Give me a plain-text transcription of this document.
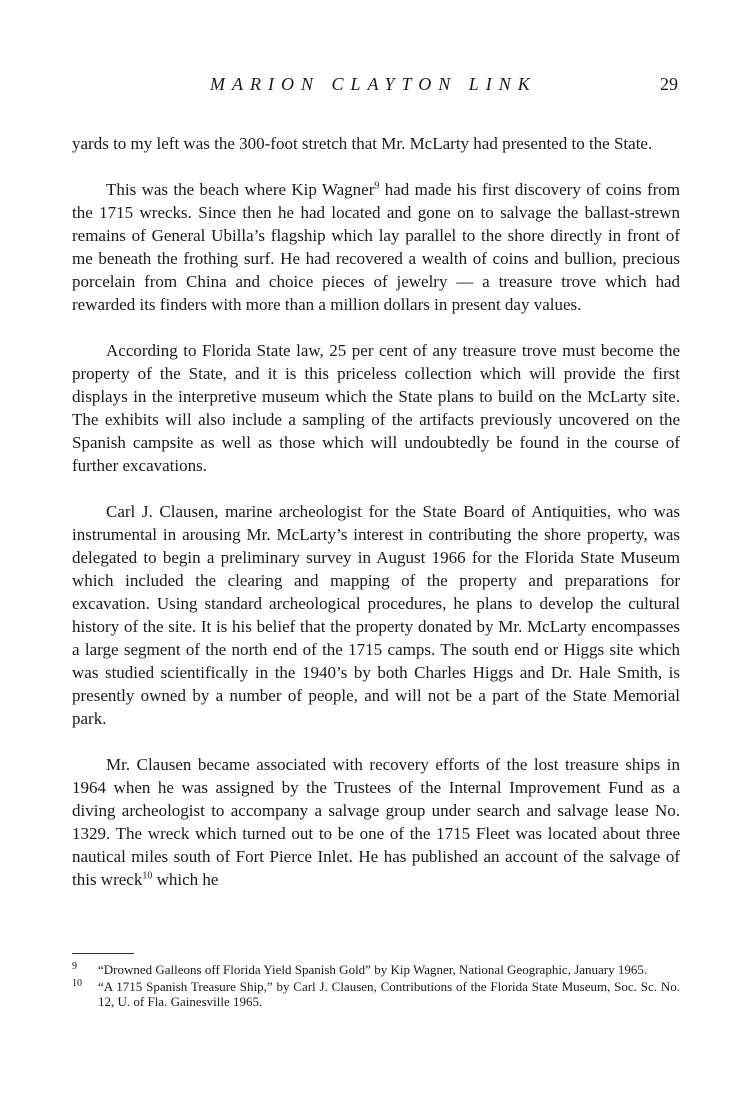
MARION CLAYTON LINK	29

yards to my left was the 300-foot stretch that Mr. McLarty had presented to the State.

This was the beach where Kip Wagner$^9$ had made his first discovery of coins from the 1715 wrecks. Since then he had located and gone on to salvage the ballast-strewn remains of General Ubilla’s flagship which lay parallel to the shore directly in front of me beneath the frothing surf. He had recovered a wealth of coins and bullion, precious porcelain from China and choice pieces of jewelry — a treasure trove which had rewarded its finders with more than a million dollars in present day values.

According to Florida State law, 25 per cent of any treasure trove must become the property of the State, and it is this priceless collection which will provide the first displays in the interpretive museum which the State plans to build on the McLarty site. The exhibits will also include a sampling of the artifacts previously uncovered on the Spanish campsite as well as those which will undoubtedly be found in the course of further excavations.

Carl J. Clausen, marine archeologist for the State Board of Antiquities, who was instrumental in arousing Mr. McLarty’s interest in contributing the shore property, was delegated to begin a preliminary survey in August 1966 for the Florida State Museum which included the clearing and mapping of the property and preparations for excavation. Using standard archeological procedures, he plans to develop the cultural history of the site. It is his belief that the property donated by Mr. McLarty encompasses a large segment of the north end of the 1715 camps. The south end or Higgs site which was studied scientifically in the 1940’s by both Charles Higgs and Dr. Hale Smith, is presently owned by a number of people, and will not be a part of the State Memorial park.

Mr. Clausen became associated with recovery efforts of the lost treasure ships in 1964 when he was assigned by the Trustees of the Internal Improvement Fund as a diving archeologist to accompany a salvage group under search and salvage lease No. 1329. The wreck which turned out to be one of the 1715 Fleet was located about three nautical miles south of Fort Pierce Inlet. He has published an account of the salvage of this wreck$^{10}$ which he

9 “Drowned Galleons off Florida Yield Spanish Gold” by Kip Wagner, National Geographic, January 1965.
10 “A 1715 Spanish Treasure Ship,” by Carl J. Clausen, Contributions of the Florida State Museum, Soc. Sc. No. 12, U. of Fla. Gainesville 1965.
